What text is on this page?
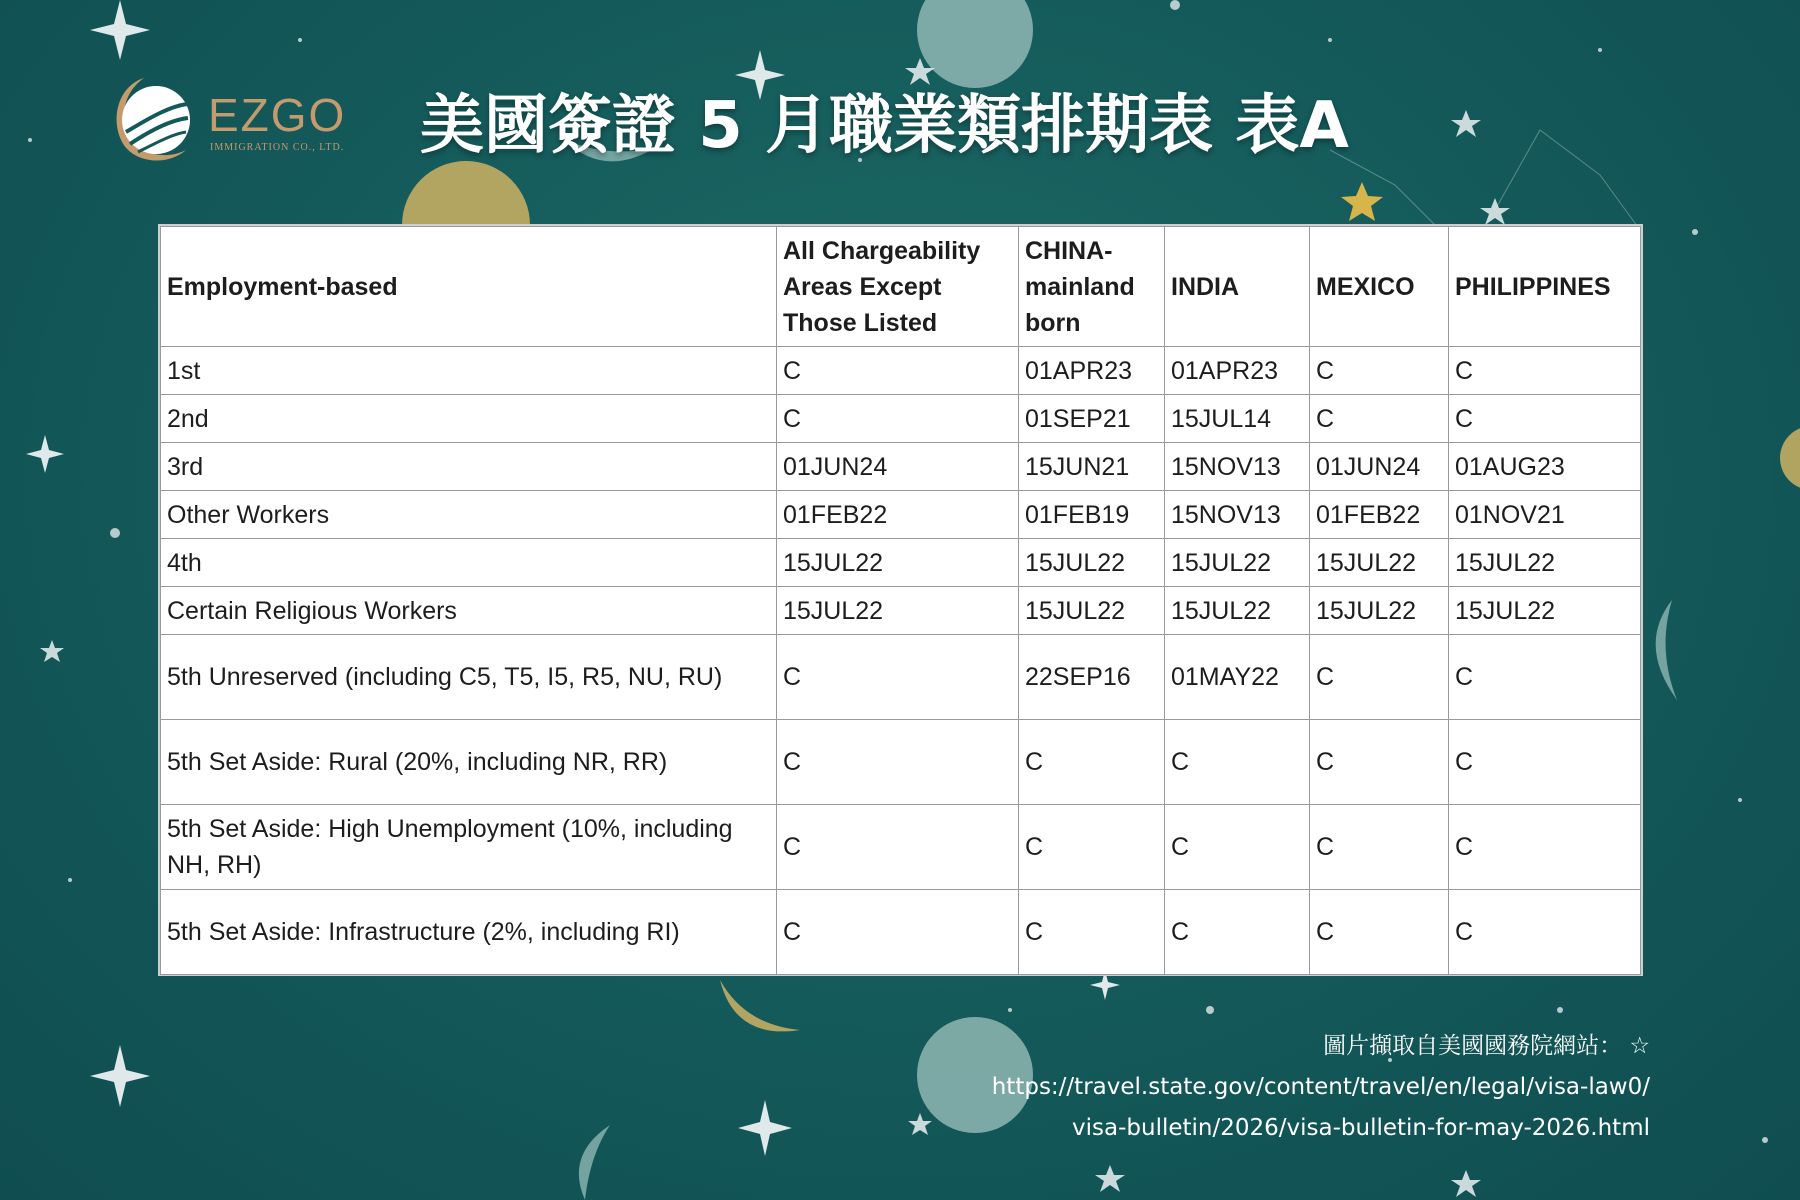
EZGO
IMMIGRATION CO., LTD. 美國簽證 5 月職業類排期表 表A
Employment-based	All Chargeability Areas Except Those Listed	CHINA-mainland born	INDIA	MEXICO	PHILIPPINES
1st	C	01APR23	01APR23	C	C
2nd	C	01SEP21	15JUL14	C	C
3rd	01JUN24	15JUN21	15NOV13	01JUN24	01AUG23
Other Workers	01FEB22	01FEB19	15NOV13	01FEB22	01NOV21
4th	15JUL22	15JUL22	15JUL22	15JUL22	15JUL22
Certain Religious Workers	15JUL22	15JUL22	15JUL22	15JUL22	15JUL22
5th Unreserved (including C5, T5, I5, R5, NU, RU)	C	22SEP16	01MAY22	C	C
5th Set Aside: Rural (20%, including NR, RR)	C	C	C	C	C
5th Set Aside: High Unemployment (10%, including NH, RH)	C	C	C	C	C
5th Set Aside: Infrastructure (2%, including RI)	C	C	C	C	C
圖片擷取自美國國務院網站： ☆
https://travel.state.gov/content/travel/en/legal/visa-law0/
visa-bulletin/2026/visa-bulletin-for-may-2026.html
